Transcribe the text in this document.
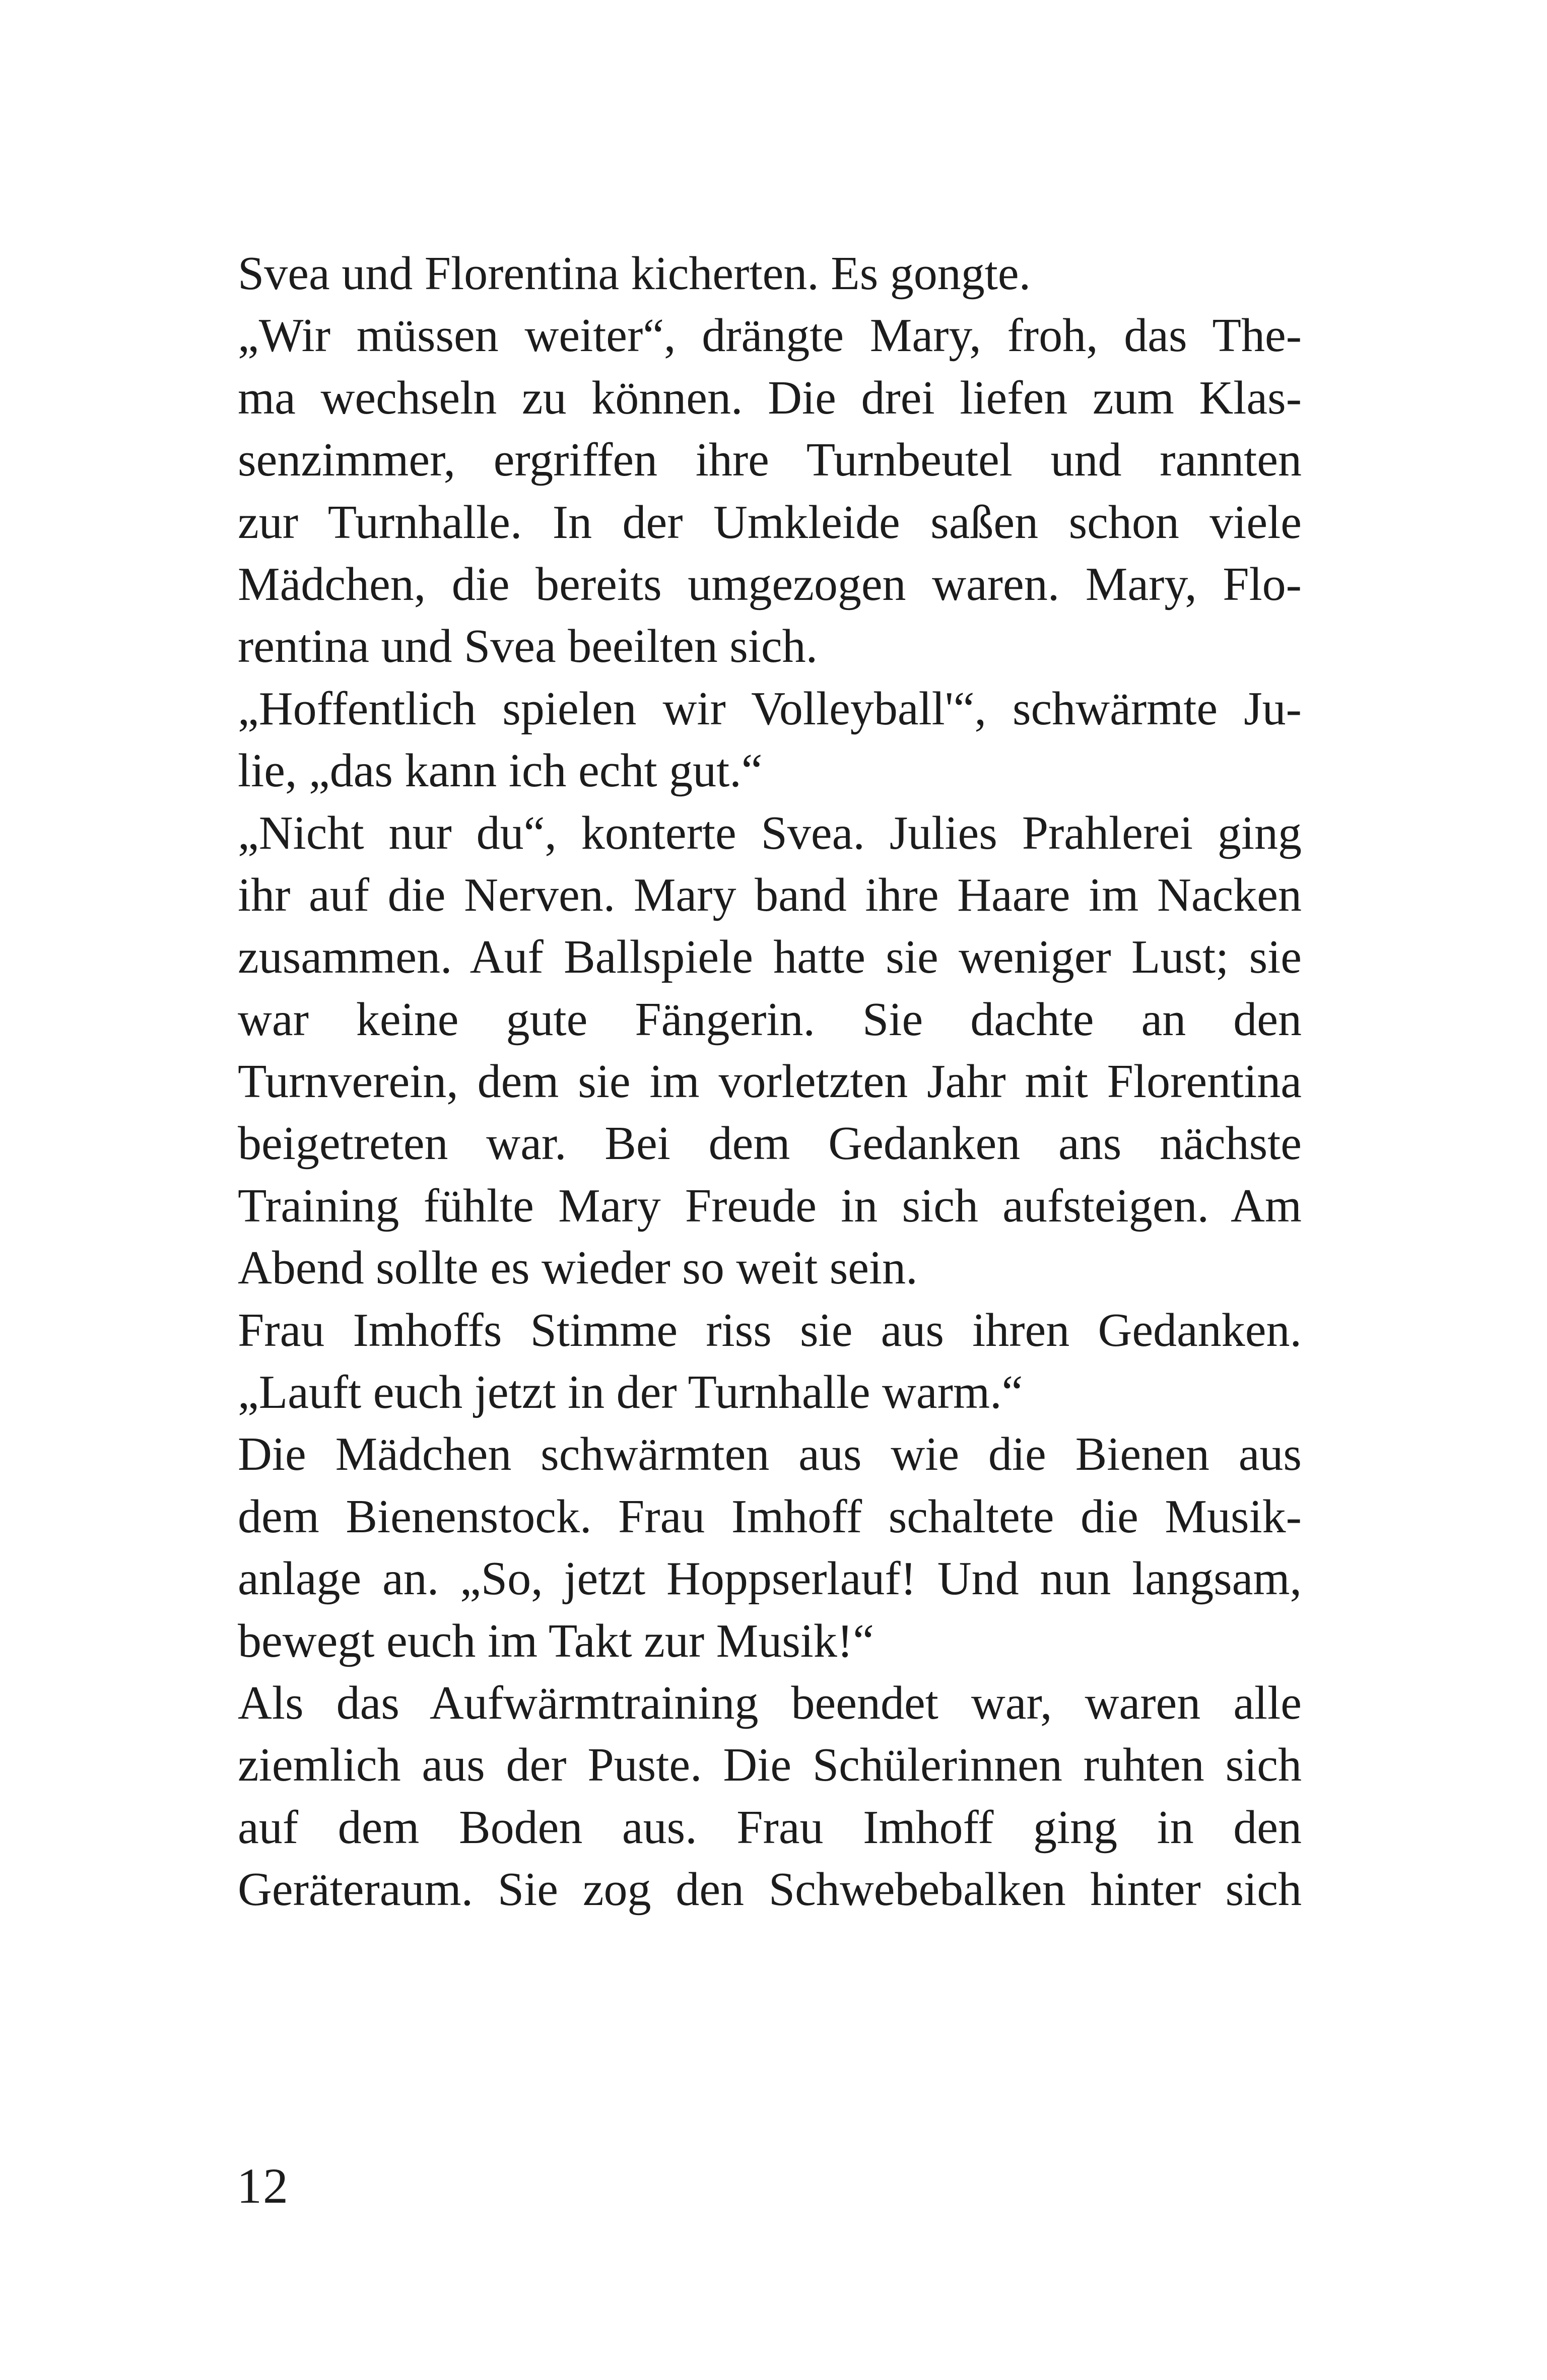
Svea und Florentina kicherten. Es gongte.
„Wir müssen weiter“, drängte Mary, froh, das The-
ma wechseln zu können. Die drei liefen zum Klas-
senzimmer, ergriffen ihre Turnbeutel und rannten
zur Turnhalle. In der Umkleide saßen schon viele
Mädchen, die bereits umgezogen waren. Mary, Flo-
rentina und Svea beeilten sich.
„Hoffentlich spielen wir Volleyball'“, schwärmte Ju-
lie, „das kann ich echt gut.“
„Nicht nur du“, konterte Svea. Julies Prahlerei ging
ihr auf die Nerven. Mary band ihre Haare im Nacken
zusammen. Auf Ballspiele hatte sie weniger Lust; sie
war keine gute Fängerin. Sie dachte an den
Turnverein, dem sie im vorletzten Jahr mit Florentina
beigetreten war. Bei dem Gedanken ans nächste
Training fühlte Mary Freude in sich aufsteigen. Am
Abend sollte es wieder so weit sein.
Frau Imhoffs Stimme riss sie aus ihren Gedanken.
„Lauft euch jetzt in der Turnhalle warm.“
Die Mädchen schwärmten aus wie die Bienen aus
dem Bienenstock. Frau Imhoff schaltete die Musik-
anlage an. „So, jetzt Hoppserlauf! Und nun langsam,
bewegt euch im Takt zur Musik!“
Als das Aufwärmtraining beendet war, waren alle
ziemlich aus der Puste. Die Schülerinnen ruhten sich
auf dem Boden aus. Frau Imhoff ging in den
Geräteraum. Sie zog den Schwebebalken hinter sich
12
